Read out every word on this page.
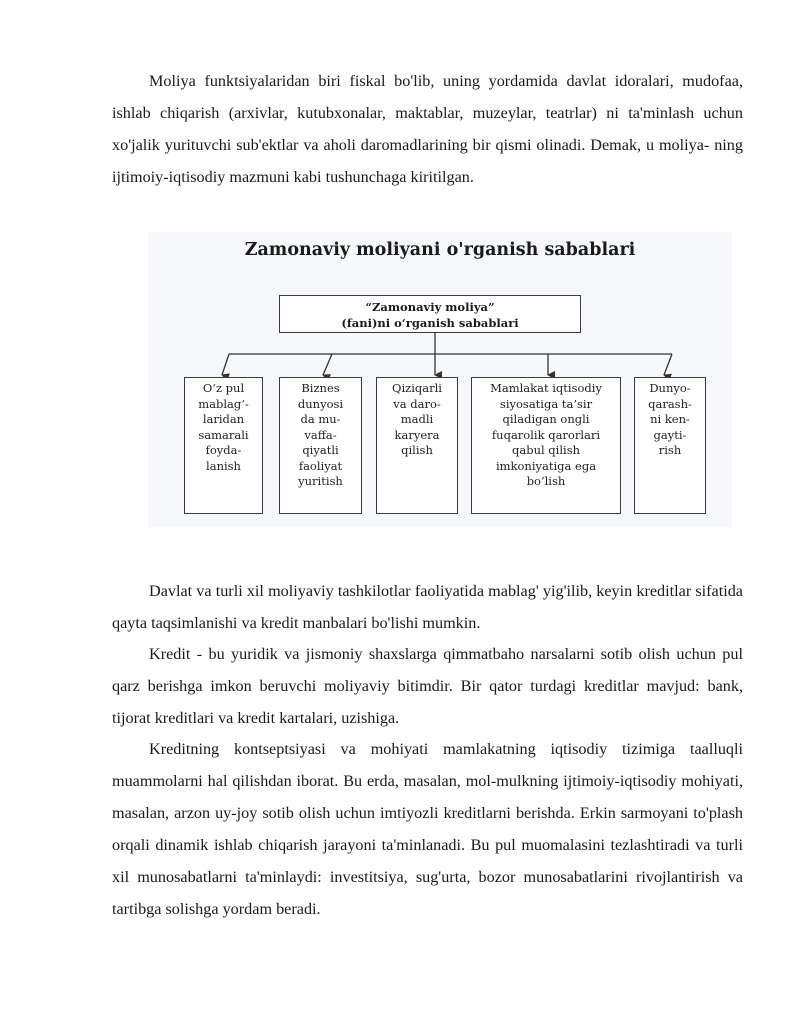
Moliya funktsiyalaridan biri fiskal bo'lib, uning yordamida davlat idoralari, mudofaa, ishlab chiqarish (arxivlar, kutubxonalar, maktablar, muzeylar, teatrlar) ni ta'minlash uchun xo'jalik yurituvchi sub'ektlar va aholi daromadlarining bir qismi olinadi. Demak, u moliya- ning ijtimoiy-iqtisodiy mazmuni kabi tushunchaga kiritilgan.

Zamonaviy moliyani o'rganish sabablari
“Zamonaviy moliya”
(fani)ni o‘rganish sabablari
O‘z pul
mablag‘-
laridan
samarali
foyda-
lanish
Biznes
dunyosi
da mu-
vaffa-
qiyatli
faoliyat
yuritish
Qiziqarli
va daro-
madli
karyera
qilish
Mamlakat iqtisodiy
siyosatiga ta’sir
qiladigan ongli
fuqarolik qarorlari
qabul qilish
imkoniyatiga ega
bo‘lish
Dunyo-
qarash-
ni ken-
gayti-
rish

Davlat va turli xil moliyaviy tashkilotlar faoliyatida mablag' yig'ilib, keyin kreditlar sifatida qayta taqsimlanishi va kredit manbalari bo'lishi mumkin.

Kredit - bu yuridik va jismoniy shaxslarga qimmatbaho narsalarni sotib olish uchun pul qarz berishga imkon beruvchi moliyaviy bitimdir. Bir qator turdagi kreditlar mavjud: bank, tijorat kreditlari va kredit kartalari, uzishiga.

Kreditning kontseptsiyasi va mohiyati mamlakatning iqtisodiy tizimiga taalluqli muammolarni hal qilishdan iborat. Bu erda, masalan, mol-mulkning ijtimoiy-iqtisodiy mohiyati, masalan, arzon uy-joy sotib olish uchun imtiyozli kreditlarni berishda. Erkin sarmoyani to'plash orqali dinamik ishlab chiqarish jarayoni ta'minlanadi. Bu pul muomalasini tezlashtiradi va turli xil munosabatlarni ta'minlaydi: investitsiya, sug'urta, bozor munosabatlarini rivojlantirish va tartibga solishga yordam beradi.
